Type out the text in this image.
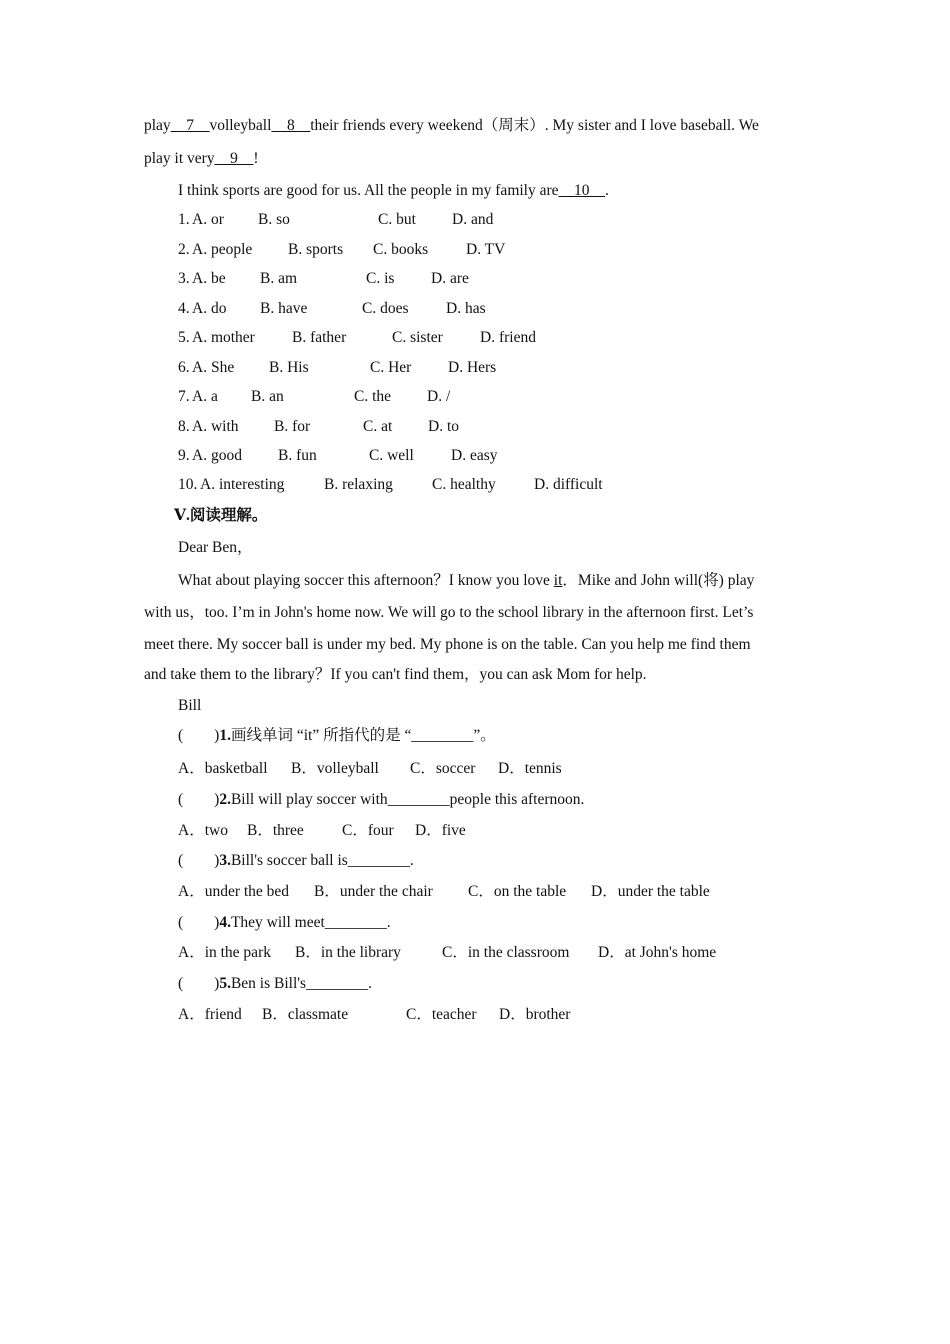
play__7__volleyball__8__their friends every weekend（周末）. My sister and I love baseball. We
play it very__9__!
I think sports are good for us. All the people in my family are__10__.
1. A. or B. so	C. but D. and
2. A. people B. sports C. books D. TV
3. A. be B. am	C. is D. are
4. A. do B. have	C. does D. has
5. A. mother B. father	C. sister D. friend
6. A. She B. His	C. Her D. Hers
7. A. a B. an	C. the D. /
8. A. with B. for	C. at D. to
9. A. good B. fun	C. well D. easy
10. A. interesting	B. relaxing	C. healthy D. difficult
Ⅴ.阅读理解。
Dear Ben，
What about playing soccer this afternoon？I know you love it．Mike and John will(将) play
with us，too. I’m in John's home now. We will go to the school library in the afternoon first. Let’s
meet there. My soccer ball is under my bed. My phone is on the table. Can you help me find them
and take them to the library？If you can't find them，you can ask Mom for help.
Bill
(　　)1.画线单词 “it” 所指代的是 “________”。
A．basketball B．volleyball C．soccer D．tennis
(　　)2.Bill will play soccer with________people this afternoon.
A．two B．three C．four D．five
(　　)3.Bill's soccer ball is________.
A．under the bed B．under the chair C．on the table D．under the table
(　　)4.They will meet________.
A．in the park B．in the library	C．in the classroom D．at John's home
(　　)5.Ben is Bill's________.
A．friend B．classmate	C．teacher D．brother
